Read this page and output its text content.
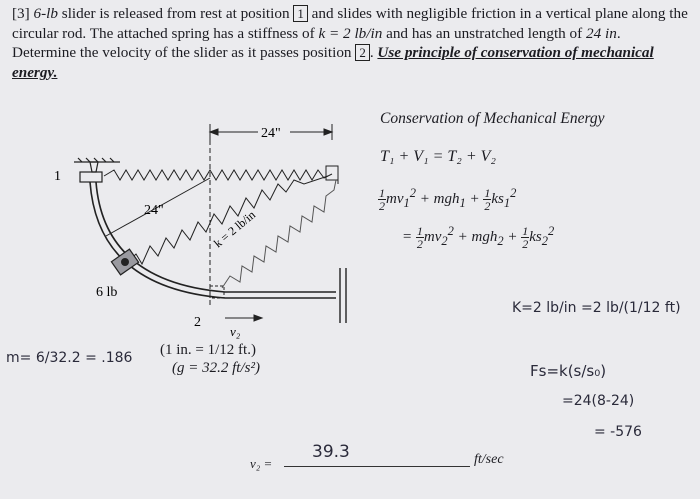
[3] 6-lb slider is released from rest at position 1 and slides with negligible friction in a vertical plane along the circular rod. The attached spring has a stiffness of k = 2 lb/in and has an unstratched length of 24 in. Determine the velocity of the slider as it passes position 2 . Use principle of conservation of mechanical energy.
24"
24"	k = 2 lb/in
1
6 lb
2
v₂
(1 in. = 1/12 ft.)
(g = 32.2 ft/s²)
Conservation of Mechanical Energy
T₁ + V₁ = T₂ + V₂
$\frac{1}{2} mv_1^2 + mgh_1 + \frac{1}{2} ks_1^2$
= $\frac{1}{2} mv_2^2 + mgh_2 + \frac{1}{2} ks_2^2$
m= 6/32.2 = .186
K=2 lb/in =2 lb/(1/12 ft)
Fs=k(s/s₀)
=24(8-24)
= -576
v₂ =
39.3	ft/sec
